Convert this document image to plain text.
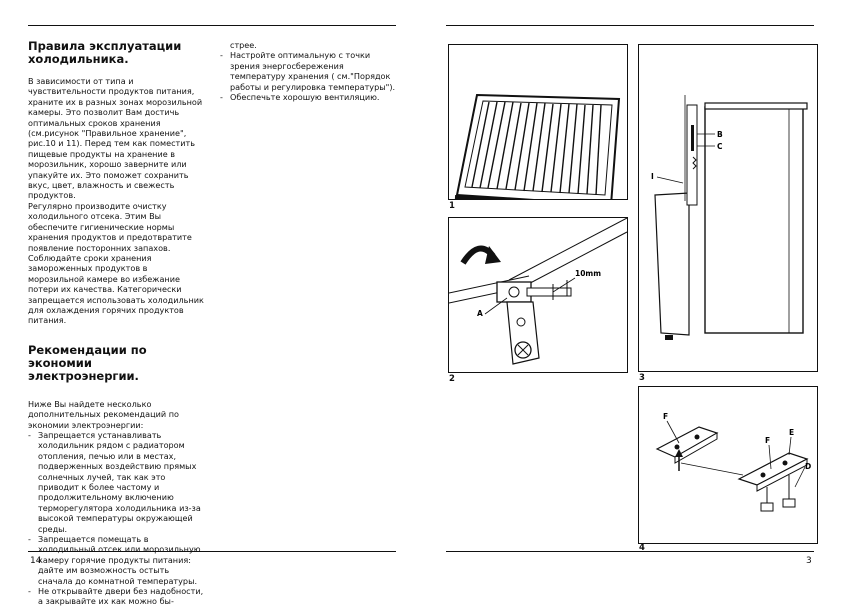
14
Правила эксплуатации холодильника.

В зависимости от типа и чувствительности продуктов питания, храните их в разных зонах морозильной камеры. Это позволит Вам достичь оптимальных сроков хранения (см.рисунок "Правильное хранение", рис.10 и 11). Перед тем как поместить пищевые продукты на хранение в морозильник, хорошо заверните или упакуйте их. Это поможет сохранить вкус, цвет, влажность и свежесть продуктов.

Регулярно производите очистку холодильного отсека. Этим Вы обеспечите гигиенические нормы хранения продуктов и предотвратите появление посторонних запахов.

Соблюдайте сроки хранения замороженных продуктов в морозильной камере во избежание потери их качества. Категорически запрещается использовать холодильник для охлаждения горячих продуктов питания.

Рекомендации по экономии электроэнергии.

Ниже Вы найдете несколько дополнительных рекомендаций по экономии электроэнергии:

- Запрещается устанавливать холодильник рядом с радиатором отопления, печью или в местах, подверженных воздействию прямых солнечных лучей, так как это приводит к более частому и продолжительному включению терморегулятора холодильника из-за высокой температуры окружающей среды.
- Запрещается помещать в холодильный отсек или морозильную камеру горячие продукты питания: дайте им возможность остыть сначала до комнатной температуры.
- Не открывайте двери без надобности, а закрывайте их как можно бы-

стрее.

- Настройте оптимальную с точки зрения энергосбережения температуру хранения ( см."Порядок работы и регулировка температуры").
- Обеспечьте хорошую вентиляцию.
3
1
10mm
A
2
B
C
I
3
F
F
E
D
4
